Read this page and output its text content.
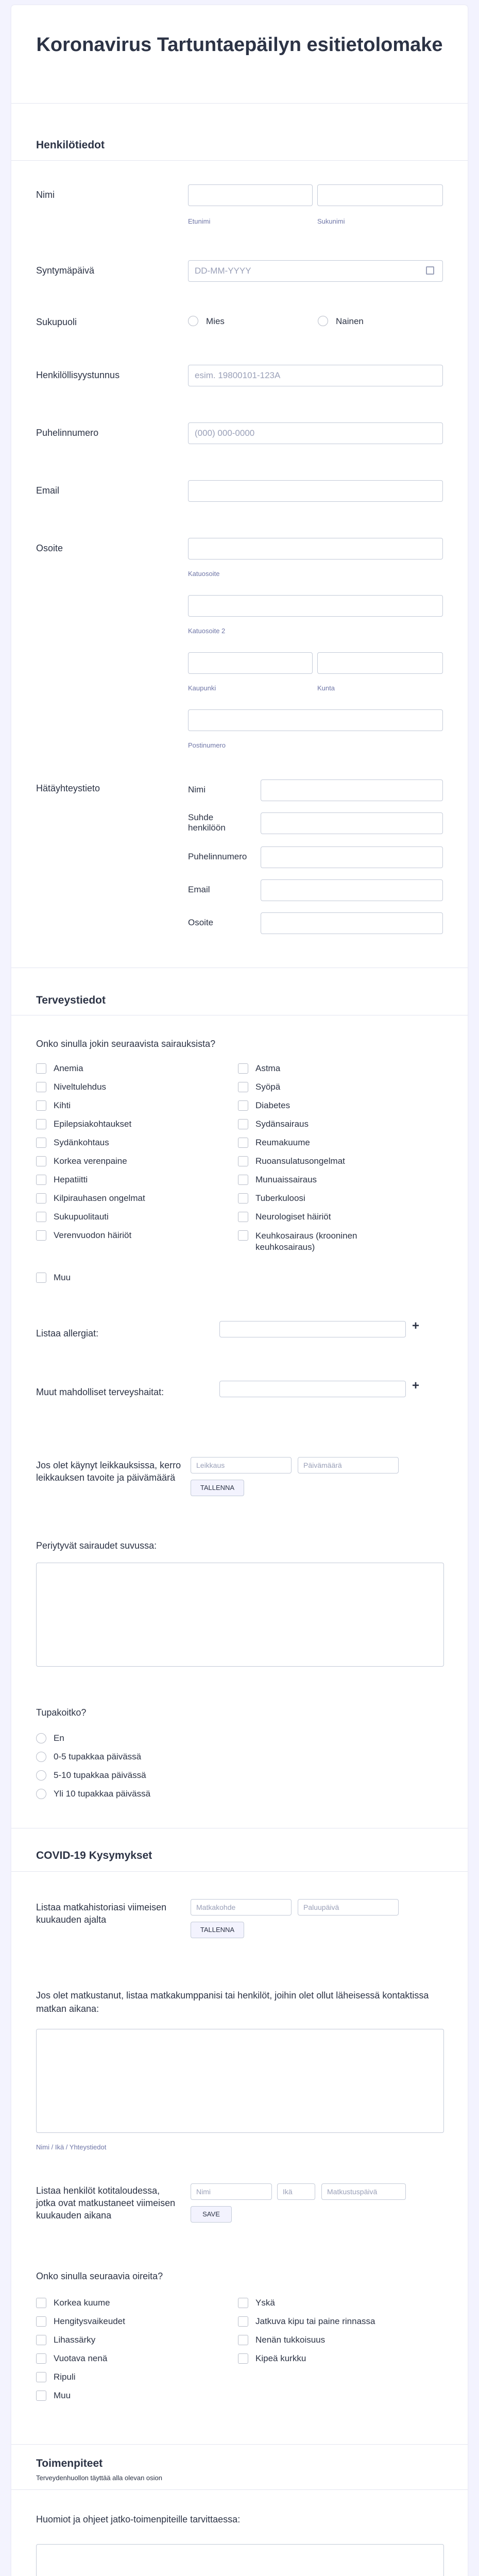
Koronavirus Tartuntaepäilyn esitietolomake
Henkilötiedot
Nimi
Etunimi	Sukunimi
Syntymäpäivä	DD-MM-YYYY
Sukupuoli	Mies	Nainen
Henkilöllisyystunnus	esim. 19800101-123A
Puhelinnumero	(000) 000-0000
Email
Osoite
Katuosoite
Katuosoite 2
Kaupunki	Kunta
Postinumero
Hätäyhteystieto	Nimi
Suhde henkilöön
Puhelinnumero
Email
Osoite
Terveystiedot
Onko sinulla jokin seuraavista sairauksista?
Anemia
Niveltulehdus
Kihti
Epilepsiakohtaukset
Sydänkohtaus
Korkea verenpaine
Hepatiitti
Kilpirauhasen ongelmat
Sukupuolitauti
Verenvuodon häiriöt
Muu
Astma
Syöpä
Diabetes
Sydänsairaus
Reumakuume
Ruoansulatusongelmat
Munuaissairaus
Tuberkuloosi
Neurologiset häiriöt
Keuhkosairaus (krooninen keuhkosairaus)
Listaa allergiat:
+
Muut mahdolliset terveyshaitat:	+
Jos olet käynyt leikkauksissa, kerro leikkauksen tavoite ja päivämäärä
Leikkaus	Päivämäärä
TALLENNA
Periytyvät sairaudet suvussa:
Tupakoitko?
En
0-5 tupakkaa päivässä
5-10 tupakkaa päivässä
Yli 10 tupakkaa päivässä
COVID-19 Kysymykset
Listaa matkahistoriasi viimeisen kuukauden ajalta
Matkakohde	Paluupäivä
TALLENNA
Jos olet matkustanut, listaa matkakumppanisi tai henkilöt, joihin olet ollut läheisessä kontaktissa matkan aikana:
Nimi / Ikä / Yhteystiedot
Listaa henkilöt kotitaloudessa, jotka ovat matkustaneet viimeisen kuukauden aikana
Nimi	Ikä	Matkustuspäivä
SAVE
Onko sinulla seuraavia oireita?
Korkea kuume
Hengitysvaikeudet
Lihassärky
Vuotava nenä
Ripuli
Muu
Yskä
Jatkuva kipu tai paine rinnassa
Nenän tukkoisuus
Kipeä kurkku
Toimenpiteet
Terveydenhuollon täyttää alla olevan osion
Huomiot ja ohjeet jatko-toimenpiteille tarvittaessa:
